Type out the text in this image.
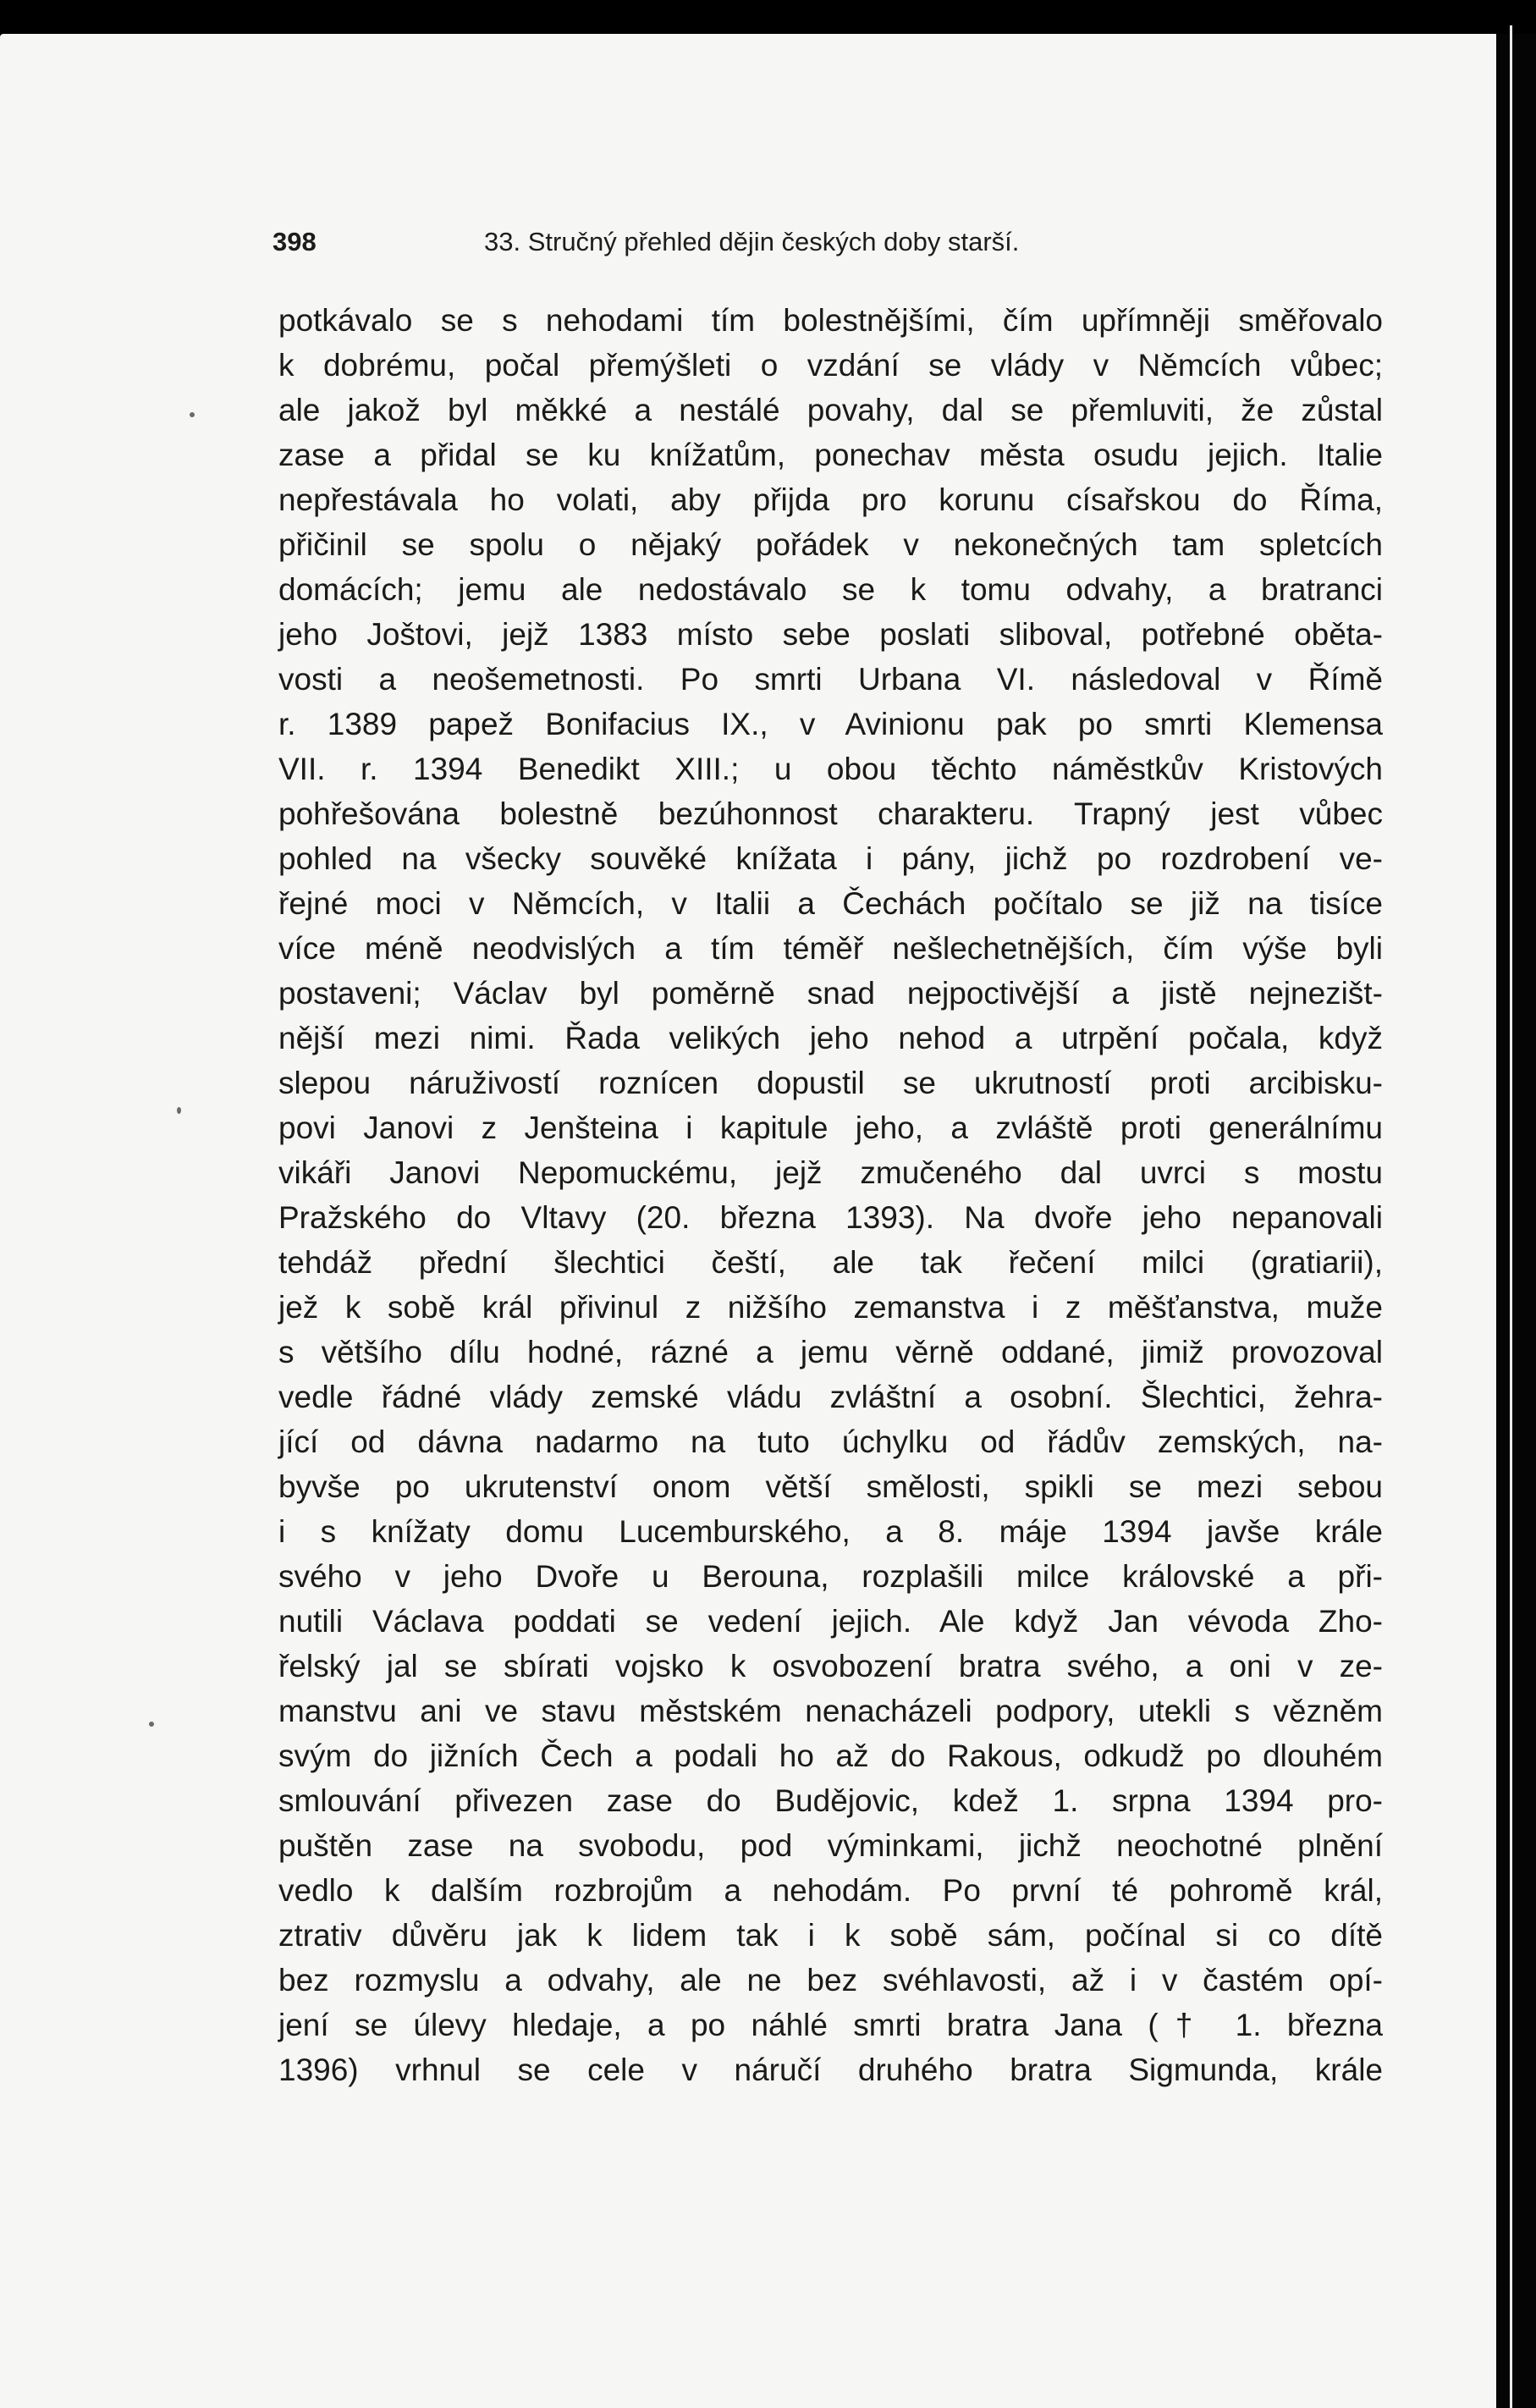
398	33. Stručný přehled dějin českých doby starší.
potkávalo se s nehodami tím bolestnějšími, čím upřímněji směřovalo
k dobrému, počal přemýšleti o vzdání se vlády v Němcích vůbec;
ale jakož byl měkké a nestálé povahy, dal se přemluviti, že zůstal
zase a přidal se ku knížatům, ponechav města osudu jejich. Italie
nepřestávala ho volati, aby přijda pro korunu císařskou do Říma,
přičinil se spolu o nějaký pořádek v nekonečných tam spletcích
domácích; jemu ale nedostávalo se k tomu odvahy, a bratranci
jeho Joštovi, jejž 1383 místo sebe poslati sliboval, potřebné oběta-
vosti a neošemetnosti. Po smrti Urbana VI. následoval v Římě
r. 1389 papež Bonifacius IX., v Avinionu pak po smrti Klemensa
VII. r. 1394 Benedikt XIII.; u obou těchto náměstkův Kristových
pohřešována bolestně bezúhonnost charakteru. Trapný jest vůbec
pohled na všecky souvěké knížata i pány, jichž po rozdrobení ve-
řejné moci v Němcích, v Italii a Čechách počítalo se již na tisíce
více méně neodvislých a tím téměř nešlechetnějších, čím výše byli
postaveni; Václav byl poměrně snad nejpoctivější a jistě nejnezišt-
nější mezi nimi. Řada velikých jeho nehod a utrpění počala, když
slepou náruživostí roznícen dopustil se ukrutností proti arcibisku-
povi Janovi z Jenšteina i kapitule jeho, a zvláště proti generálnímu
vikáři Janovi Nepomuckému, jejž zmučeného dal uvrci s mostu
Pražského do Vltavy (20. března 1393). Na dvoře jeho nepanovali
tehdáž přední šlechtici čeští, ale tak řečení milci (gratiarii),
jež k sobě král přivinul z nižšího zemanstva i z měšťanstva, muže
s většího dílu hodné, rázné a jemu věrně oddané, jimiž provozoval
vedle řádné vlády zemské vládu zvláštní a osobní. Šlechtici, žehra-
jící od dávna nadarmo na tuto úchylku od řádův zemských, na-
byvše po ukrutenství onom větší smělosti, spikli se mezi sebou
i s knížaty domu Lucemburského, a 8. máje 1394 javše krále
svého v jeho Dvoře u Berouna, rozplašili milce královské a při-
nutili Václava poddati se vedení jejich. Ale když Jan vévoda Zho-
řelský jal se sbírati vojsko k osvobození bratra svého, a oni v ze-
manstvu ani ve stavu městském nenacházeli podpory, utekli s vězněm
svým do jižních Čech a podali ho až do Rakous, odkudž po dlouhém
smlouvání přivezen zase do Budějovic, kdež 1. srpna 1394 pro-
puštěn zase na svobodu, pod výminkami, jichž neochotné plnění
vedlo k dalším rozbrojům a nehodám. Po první té pohromě král,
ztrativ důvěru jak k lidem tak i k sobě sám, počínal si co dítě
bez rozmyslu a odvahy, ale ne bez svéhlavosti, až i v častém opí-
jení se úlevy hledaje, a po náhlé smrti bratra Jana († 1. března
1396) vrhnul se cele v náručí druhého bratra Sigmunda, krále
